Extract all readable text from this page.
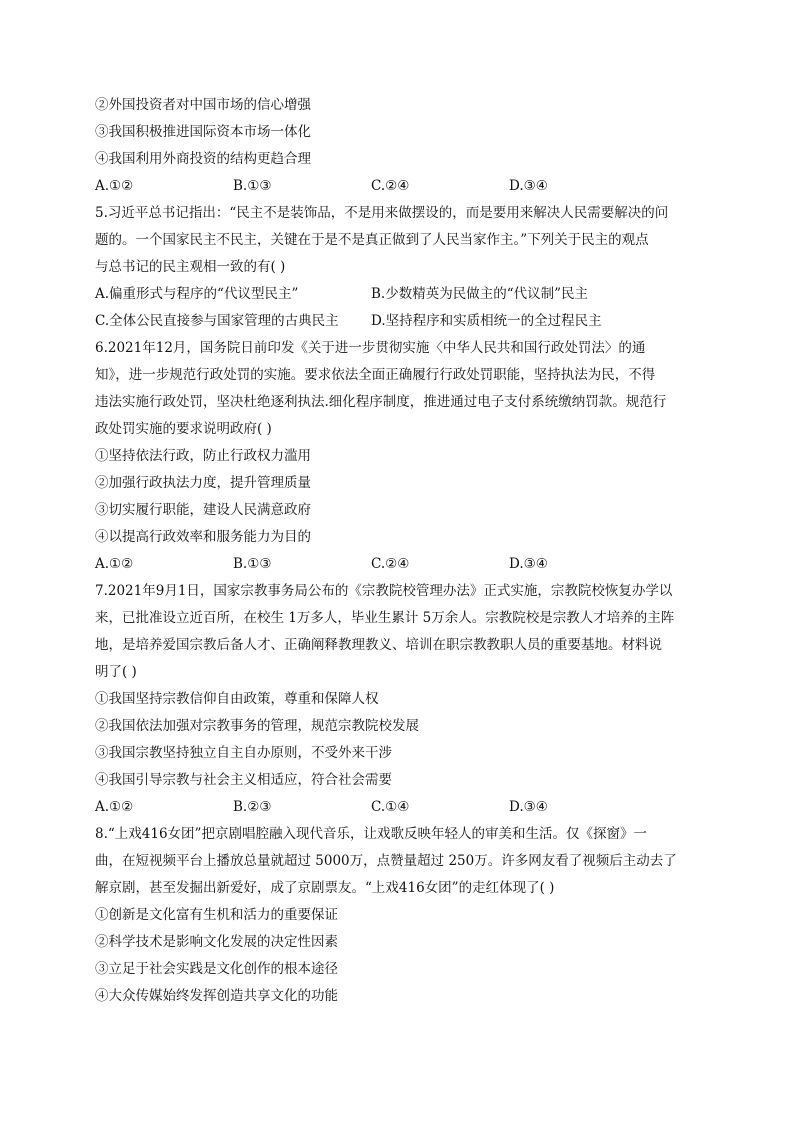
②外国投资者对中国市场的信心增强

③我国积极推进国际资本市场一体化

④我国利用外商投资的结构更趋合理

A.①②	B.①③	C.②④	D.③④

5.习近平总书记指出：“民主不是装饰品，不是用来做摆设的，而是要用来解决人民需要解决的问

题的。一个国家民主不民主，关键在于是不是真正做到了人民当家作主。”下列关于民主的观点

与总书记的民主观相一致的有( )

A.偏重形式与程序的“代议型民主”	B.少数精英为民做主的“代议制”民主
C.全体公民直接参与国家管理的古典民主	D.坚持程序和实质相统一的全过程民主

6.2021年12月，国务院日前印发《关于进一步贯彻实施〈中华人民共和国行政处罚法〉的通

知》，进一步规范行政处罚的实施。要求依法全面正确履行行政处罚职能，坚持执法为民，不得

违法实施行政处罚，坚决杜绝逐利执法.细化程序制度，推进通过电子支付系统缴纳罚款。规范行

政处罚实施的要求说明政府( )

①坚持依法行政，防止行政权力滥用

②加强行政执法力度，提升管理质量

③切实履行职能，建设人民满意政府

④以提高行政效率和服务能力为目的

A.①②	B.①③	C.②④	D.③④

7.2021年9月1日，国家宗教事务局公布的《宗教院校管理办法》正式实施，宗教院校恢复办学以

来，已批准设立近百所，在校生 1万多人，毕业生累计 5万余人。宗教院校是宗教人才培养的主阵

地，是培养爱国宗教后备人才、正确阐释教理教义、培训在职宗教教职人员的重要基地。材料说

明了( )

①我国坚持宗教信仰自由政策，尊重和保障人权

②我国依法加强对宗教事务的管理，规范宗教院校发展

③我国宗教坚持独立自主自办原则，不受外来干涉

④我国引导宗教与社会主义相适应，符合社会需要

A.①②	B.②③	C.①④	D.③④

8.“上戏416女团”把京剧唱腔融入现代音乐，让戏歌反映年轻人的审美和生活。仅《探窗》一

曲，在短视频平台上播放总量就超过 5000万，点赞量超过 250万。许多网友看了视频后主动去了

解京剧，甚至发掘出新爱好，成了京剧票友。“上戏416女团”的走红体现了( )

①创新是文化富有生机和活力的重要保证

②科学技术是影响文化发展的决定性因素

③立足于社会实践是文化创作的根本途径

④大众传媒始终发挥创造共享文化的功能
